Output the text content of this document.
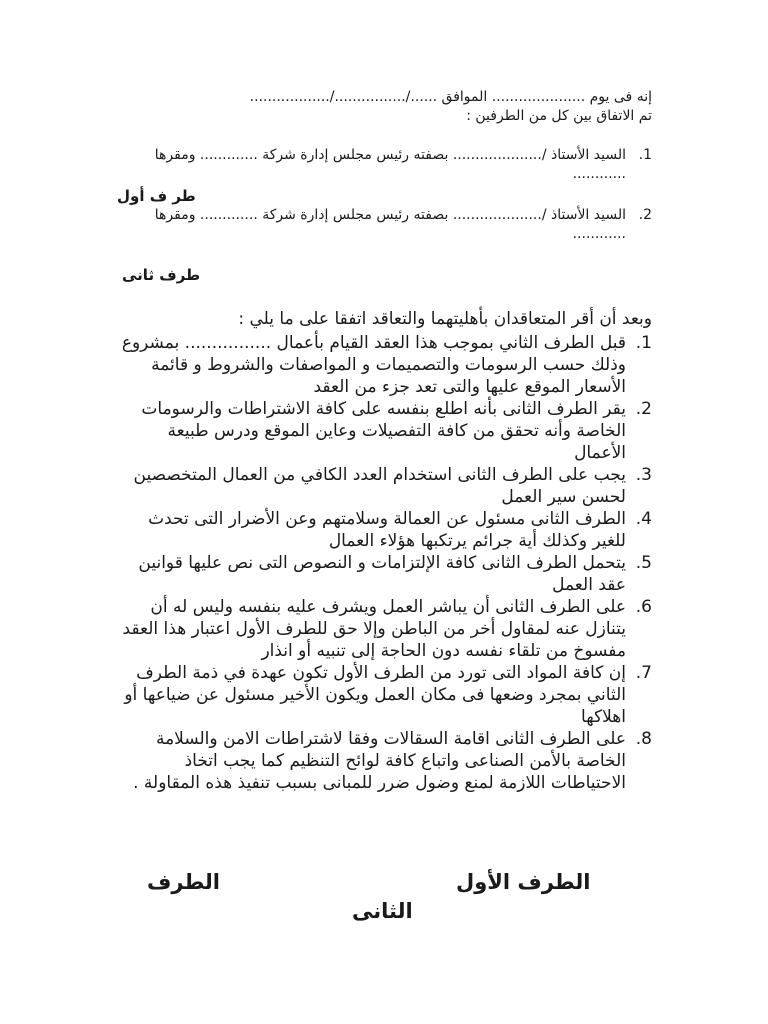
إنه فى يوم ..................... الموافق ....../................/..................
تم الاتفاق بين كل من الطرفين :
1.
السيد الأستاذ /.................... بصفته رئيس مجلس إدارة شركة ............. ومقرها ............
طر ف أول
2.
السيد الأستاذ /.................... بصفته رئيس مجلس إدارة شركة ............. ومقرها ............
طرف ثانى
وبعد أن أقر المتعاقدان بأهليتهما والتعاقد اتفقا على ما يلي :
1.
قبل الطرف الثاني بموجب هذا العقد القيام بأعمال ................ بمشروع وذلك حسب الرسومات والتصميمات و المواصفات والشروط و قائمة الأسعار الموقع عليها والتى تعد جزء من العقد
2.
يقر الطرف الثانى بأنه اطلع بنفسه على كافة الاشتراطات والرسومات الخاصة وأنه تحقق من كافة التفصيلات وعاين الموقع ودرس طبيعة الأعمال
3.
يجب على الطرف الثانى استخدام العدد الكافي من العمال المتخصصين لحسن سير العمل
4.
الطرف الثانى مسئول عن العمالة وسلامتهم وعن الأضرار التى تحدث للغير وكذلك أية جرائم يرتكبها هؤلاء العمال
5.
يتحمل الطرف الثانى كافة الإلتزامات و النصوص التى نص عليها قوانين عقد العمل
6.
على الطرف الثانى أن يباشر العمل ويشرف عليه بنفسه وليس له أن يتنازل عنه لمقاول أخر من الباطن وإلا حق للطرف الأول اعتبار هذا العقد مفسوخ من تلقاء نفسه دون الحاجة إلى تنبيه أو انذار
7.
إن كافة المواد التى تورد من الطرف الأول تكون عهدة في ذمة الطرف الثاني بمجرد وضعها فى مكان العمل ويكون الأخير مسئول عن ضياعها أو اهلاكها
8.
على الطرف الثانى اقامة السقالات وفقا لاشتراطات الامن والسلامة الخاصة بالأمن الصناعى واتباع كافة لوائح التنظيم كما يجب اتخاذ الاحتياطات اللازمة لمنع وضول ضرر للمبانى بسبب تنفيذ هذه المقاولة .
الطرف الأول
الطرف
الثانى
